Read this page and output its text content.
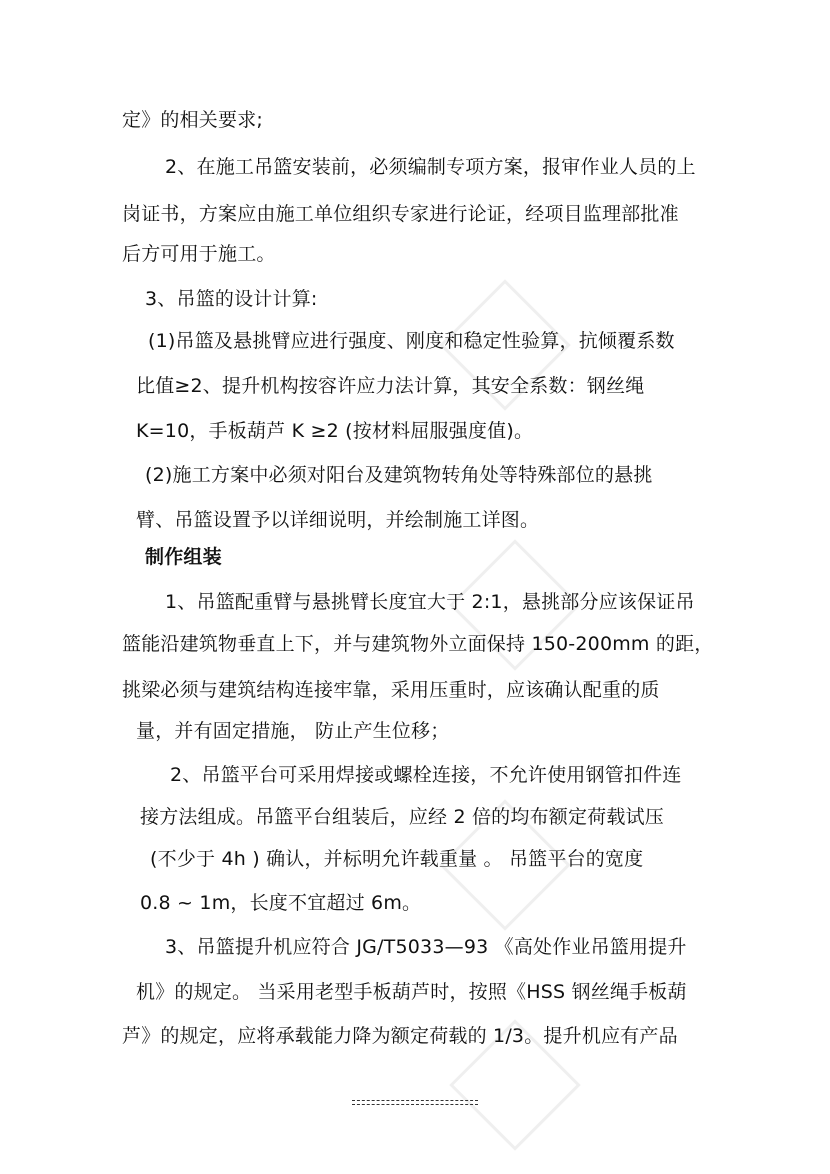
定》的相关要求;
2、在施工吊篮安装前，必须编制专项方案，报审作业人员的上
岗证书，方案应由施工单位组织专家进行论证，经项目监理部批准
后方可用于施工。
3、吊篮的设计计算:
(1)吊篮及悬挑臂应进行强度、刚度和稳定性验算，抗倾覆系数
比值≥2、提升机构按容许应力法计算，其安全系数：钢丝绳
K=10，手板葫芦 K ≥2 (按材料屈服强度值)。
(2)施工方案中必须对阳台及建筑物转角处等特殊部位的悬挑
臂、吊篮设置予以详细说明，并绘制施工详图。
制作组装
1、吊篮配重臂与悬挑臂长度宜大于 2:1，悬挑部分应该保证吊
篮能沿建筑物垂直上下，并与建筑物外立面保持 150-200mm 的距，
挑梁必须与建筑结构连接牢靠，采用压重时，应该确认配重的质
量，并有固定措施， 防止产生位移；
2、吊篮平台可采用焊接或螺栓连接，不允许使用钢管扣件连
接方法组成。吊篮平台组装后，应经 2 倍的均布额定荷载试压
(不少于 4h ) 确认，并标明允许载重量 。 吊篮平台的宽度
0.8 ~ 1m，长度不宜超过 6m。
3、吊篮提升机应符合 JG/T5033—93 《高处作业吊篮用提升
机》的规定。 当采用老型手板葫芦时，按照《HSS 钢丝绳手板葫
芦》的规定，应将承载能力降为额定荷载的 1/3。提升机应有产品
